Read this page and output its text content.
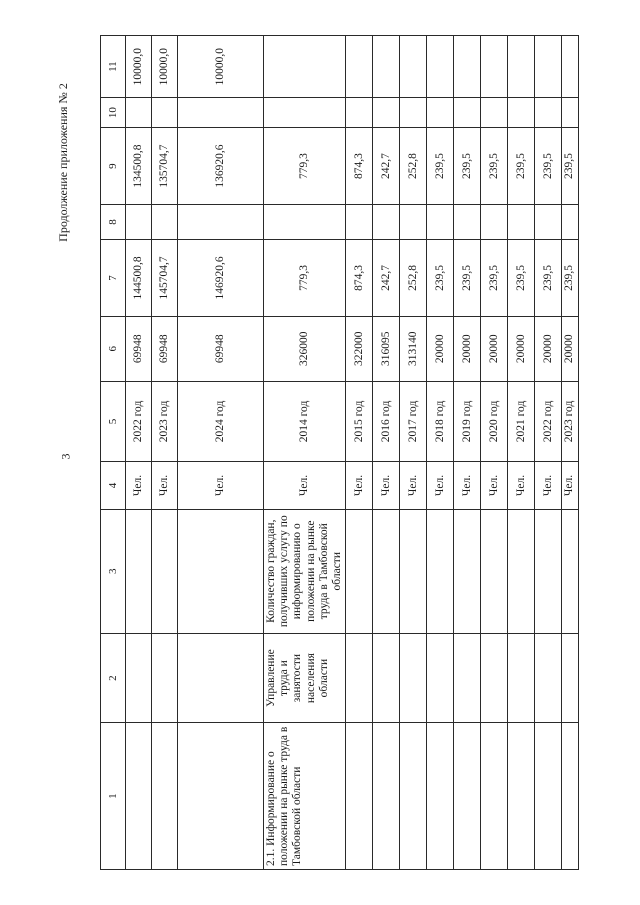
Продолжение приложения № 2
3
1	2	3	4	5	6	7	8	9	10	11
			Чел.	2022 год	69948	144500,8		134500,8		10000,0
			Чел.	2023 год	69948	145704,7		135704,7		10000,0
			Чел.	2024 год	69948	146920,6		136920,6		10000,0
2.1. Информирование о положении на рынке труда в Тамбовской области	Управление труда и занятости населения области	Количество граждан, получивших услугу по информированию о положении на рынке труда в Тамбовской области	Чел.	2014 год	326000	779,3		779,3		
			Чел.	2015 год	322000	874,3		874,3		
			Чел.	2016 год	316095	242,7		242,7		
			Чел.	2017 год	313140	252,8		252,8		
			Чел.	2018 год	20000	239,5		239,5		
			Чел.	2019 год	20000	239,5		239,5		
			Чел.	2020 год	20000	239,5		239,5		
			Чел.	2021 год	20000	239,5		239,5		
			Чел.	2022 год	20000	239,5		239,5		
			Чел.	2023 год	20000	239,5		239,5		
